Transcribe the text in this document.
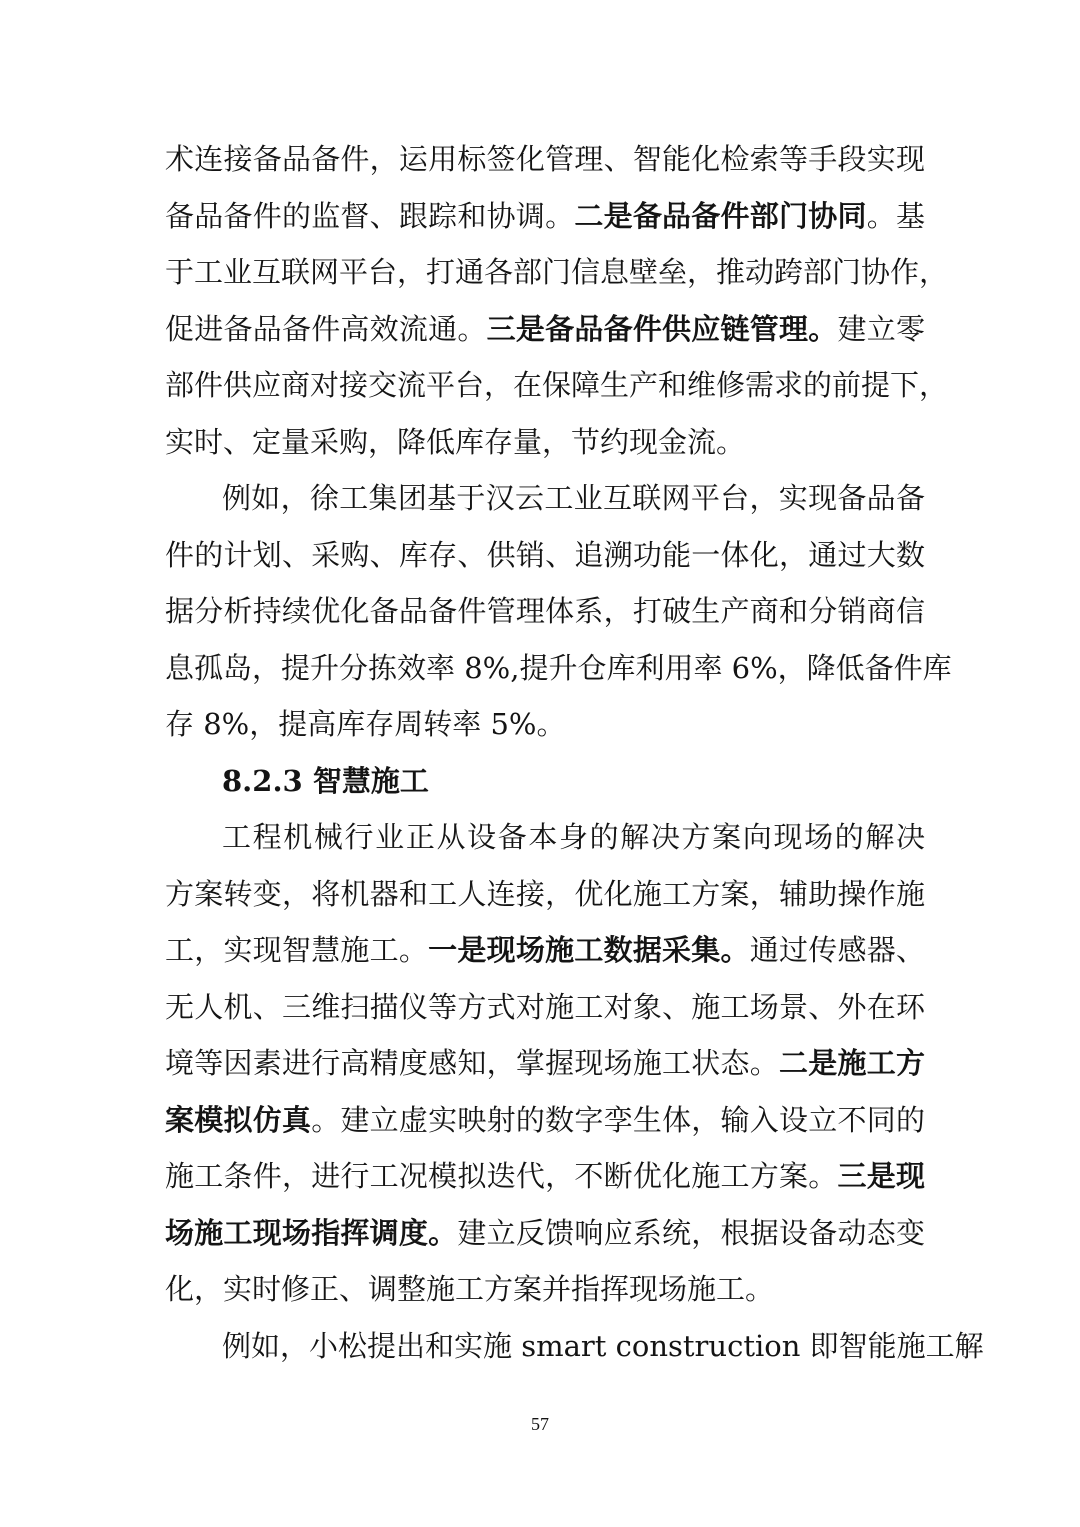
术连接备品备件，运用标签化管理、智能化检索等手段实现
备品备件的监督、跟踪和协调。二是备品备件部门协同。基
于工业互联网平台，打通各部门信息壁垒，推动跨部门协作，
促进备品备件高效流通。三是备品备件供应链管理。建立零
部件供应商对接交流平台，在保障生产和维修需求的前提下，
实时、定量采购，降低库存量，节约现金流。
例如，徐工集团基于汉云工业互联网平台，实现备品备
件的计划、采购、库存、供销、追溯功能一体化，通过大数
据分析持续优化备品备件管理体系，打破生产商和分销商信
息孤岛，提升分拣效率 8%,提升仓库利用率 6%，降低备件库
存 8%，提高库存周转率 5%。
8.2.3 智慧施工
工程机械行业正从设备本身的解决方案向现场的解决
方案转变，将机器和工人连接，优化施工方案，辅助操作施
工，实现智慧施工。一是现场施工数据采集。通过传感器、
无人机、三维扫描仪等方式对施工对象、施工场景、外在环
境等因素进行高精度感知，掌握现场施工状态。二是施工方
案模拟仿真。建立虚实映射的数字孪生体，输入设立不同的
施工条件，进行工况模拟迭代，不断优化施工方案。三是现
场施工现场指挥调度。建立反馈响应系统，根据设备动态变
化，实时修正、调整施工方案并指挥现场施工。
例如，小松提出和实施 smart construction 即智能施工解
57
